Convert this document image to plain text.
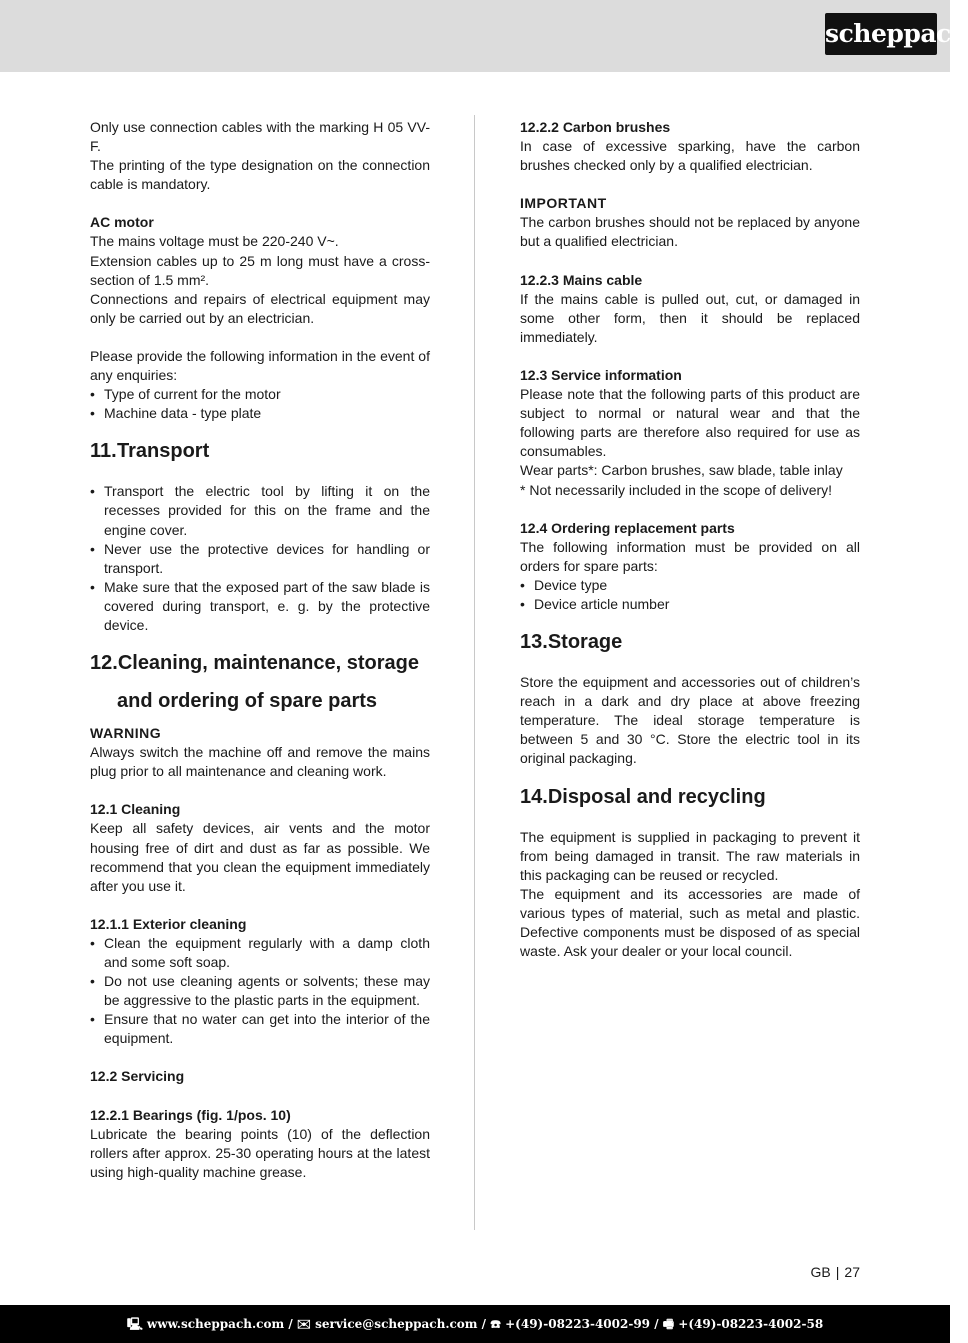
scheppach

Only use connection cables with the marking H 05 VV-F.

The printing of the type designation on the connection cable is mandatory.

AC motor

The mains voltage must be 220-240 V~.

Extension cables up to 25 m long must have a cross-section of 1.5 mm².

Connections and repairs of electrical equipment may only be carried out by an electrician.

Please provide the following information in the event of any enquiries:

• Type of current for the motor
• Machine data - type plate
11.Transport
• Transport the electric tool by lifting it on the recesses provided for this on the frame and the engine cover.
• Never use the protective devices for handling or transport.
• Make sure that the exposed part of the saw blade is covered during transport, e. g. by the protective device.
12.Cleaning, maintenance, storage
and ordering of spare parts

WARNING

Always switch the machine off and remove the mains plug prior to all maintenance and cleaning work.

12.1 Cleaning

Keep all safety devices, air vents and the motor housing free of dirt and dust as far as possible. We recommend that you clean the equipment immediately after you use it.

12.1.1 Exterior cleaning

• Clean the equipment regularly with a damp cloth and some soft soap.
• Do not use cleaning agents or solvents; these may be aggressive to the plastic parts in the equipment.
• Ensure that no water can get into the interior of the equipment.

12.2 Servicing

12.2.1 Bearings (fig. 1/pos. 10)

Lubricate the bearing points (10) of the deflection rollers after approx. 25-30 operating hours at the latest using high-quality machine grease.

12.2.2 Carbon brushes

In case of excessive sparking, have the carbon brushes checked only by a qualified electrician.

IMPORTANT

The carbon brushes should not be replaced by anyone but a qualified electrician.

12.2.3 Mains cable

If the mains cable is pulled out, cut, or damaged in some other form, then it should be replaced immediately.

12.3 Service information

Please note that the following parts of this product are subject to normal or natural wear and that the following parts are therefore also required for use as consumables.

Wear parts*: Carbon brushes, saw blade, table inlay

* Not necessarily included in the scope of delivery!

12.4 Ordering replacement parts

The following information must be provided on all orders for spare parts:

• Device type
• Device article number
13.Storage

Store the equipment and accessories out of children’s reach in a dark and dry place at above freezing temperature. The ideal storage temperature is between 5 and 30 °C. Store the electric tool in its original packaging.

14.Disposal and recycling

The equipment is supplied in packaging to prevent it from being damaged in transit. The raw materials in this packaging can be reused or recycled.

The equipment and its accessories are made of various types of material, such as metal and plastic. Defective components must be disposed of as special waste. Ask your dealer or your local council.

GB | 27
🖳 www.scheppach.com / ✉ service@scheppach.com / ☎ +(49)-08223-4002-99 / 🖷 +(49)-08223-4002-58
